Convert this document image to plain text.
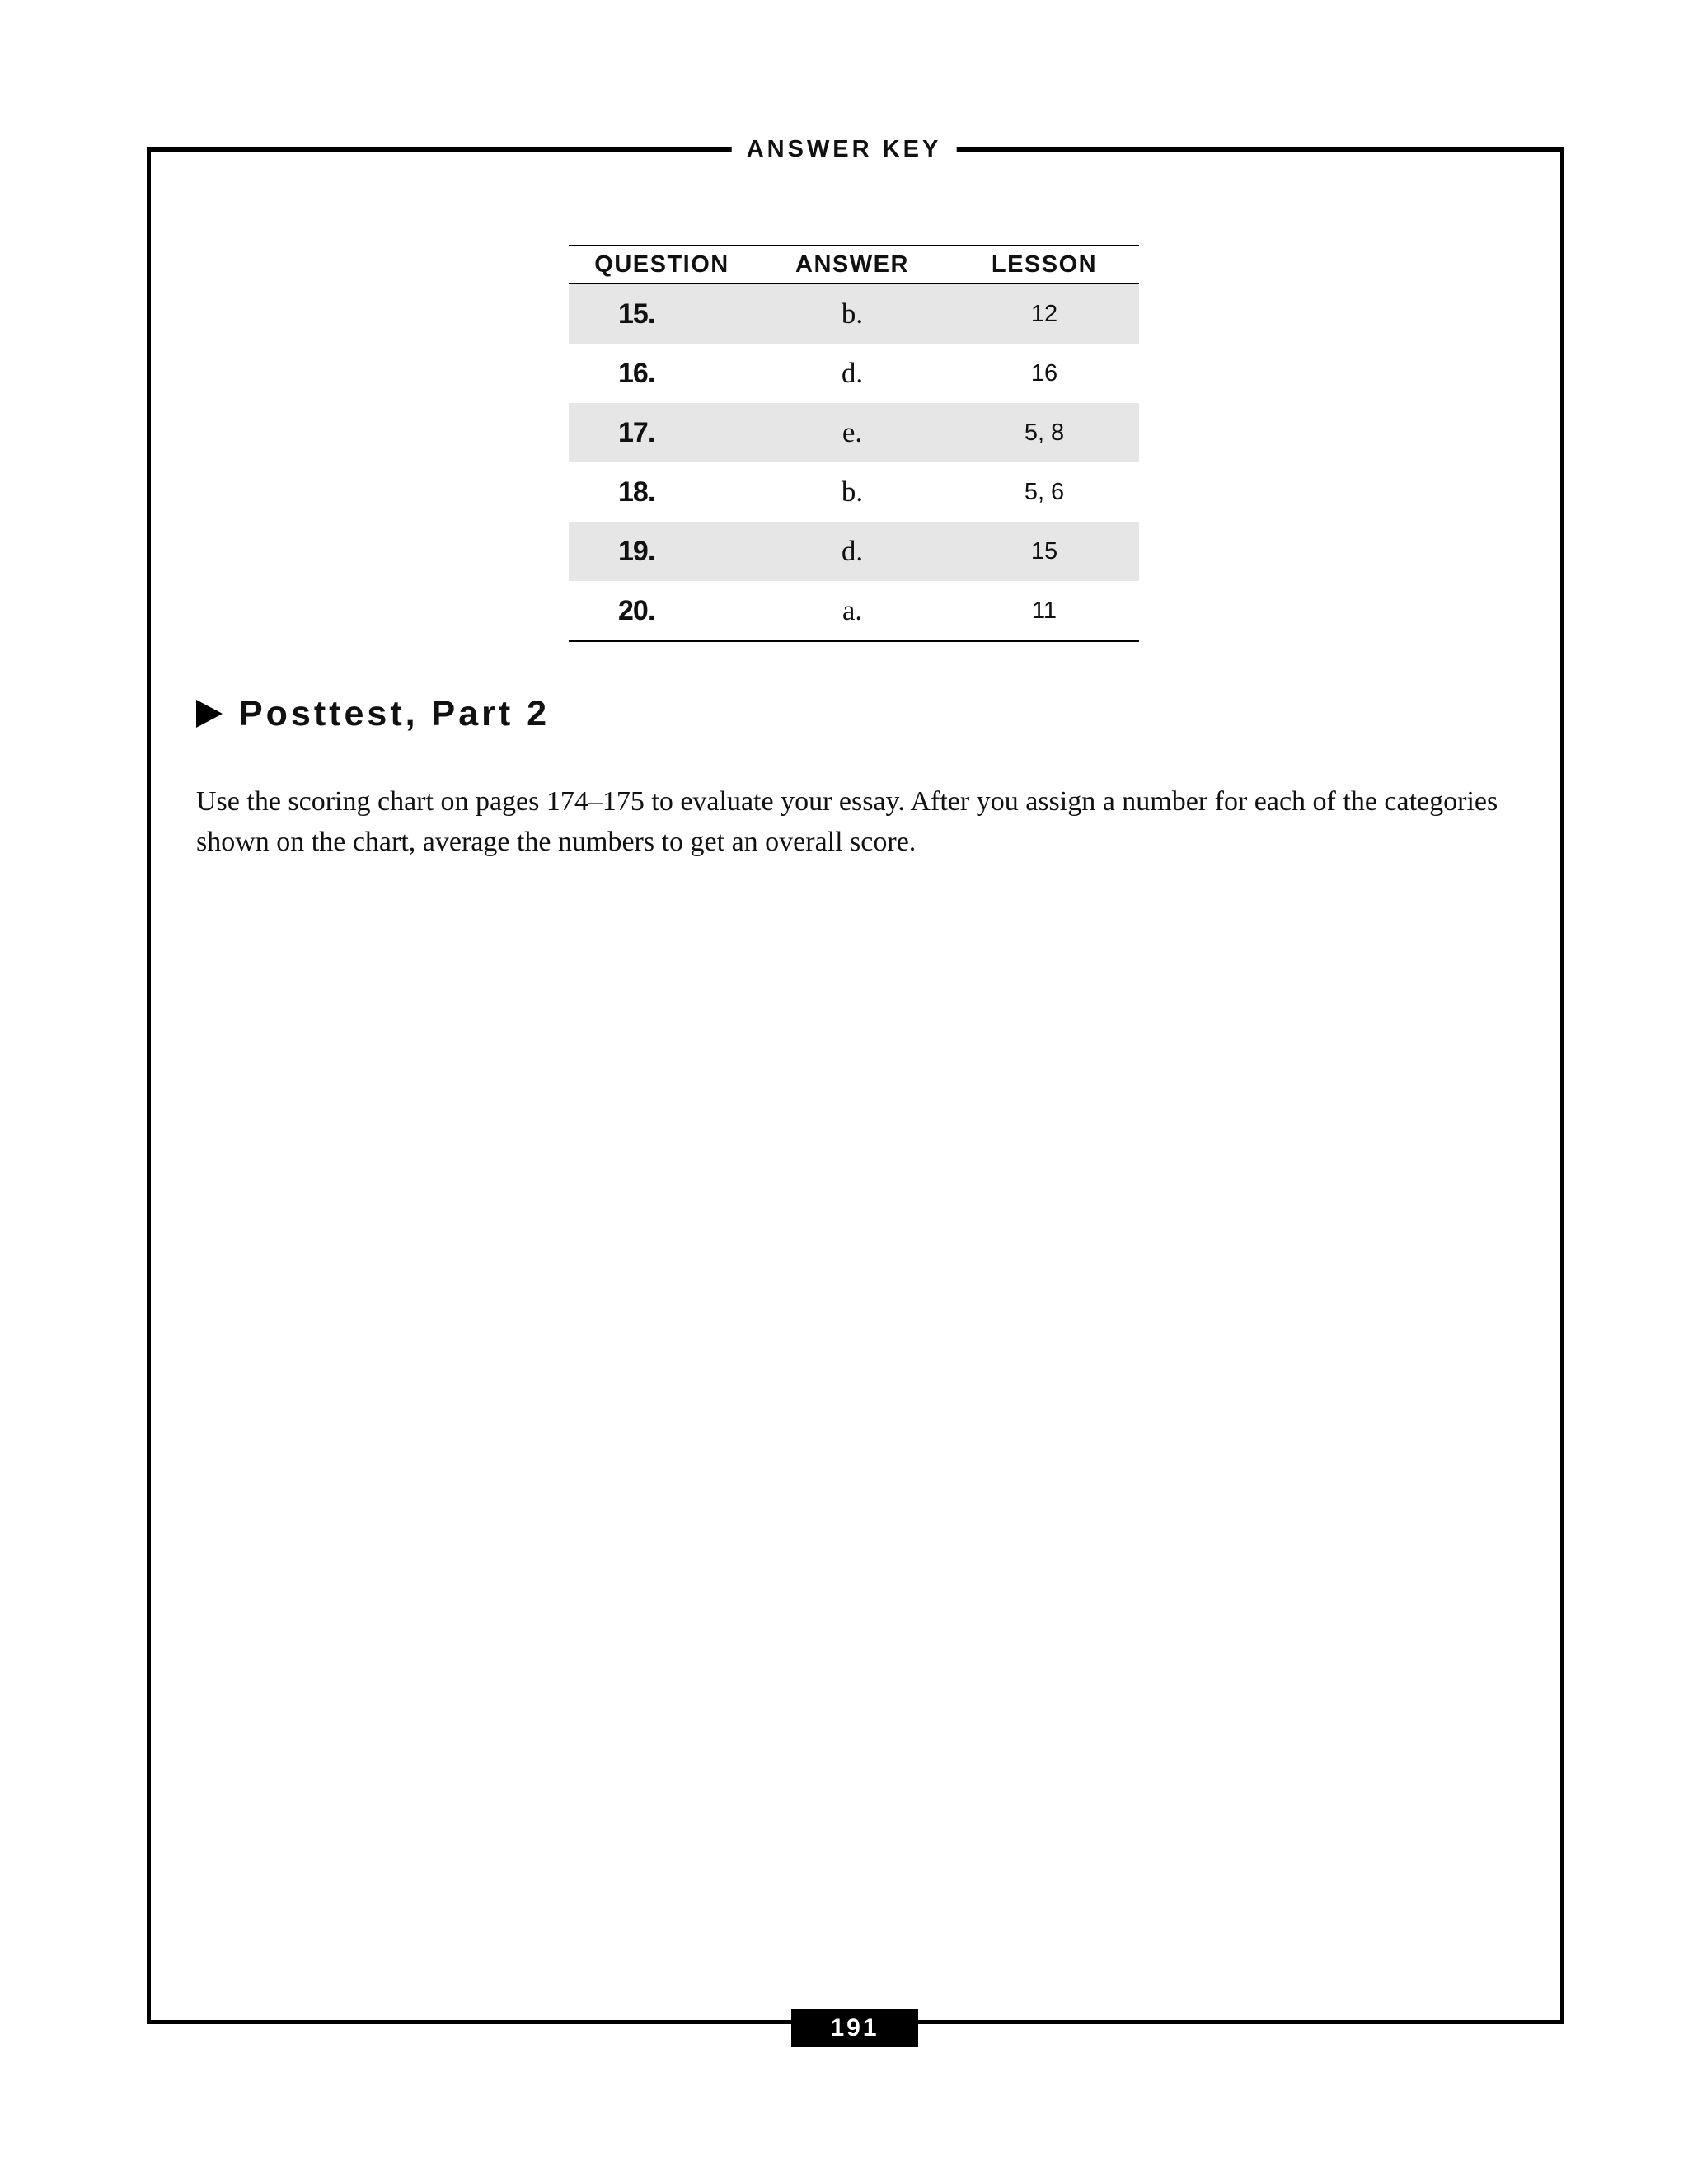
ANSWER KEY
QUESTION	ANSWER	LESSON
15.	b.	12
16.	d.	16
17.	e.	5, 8
18.	b.	5, 6
19.	d.	15
20.	a.	11
Posttest, Part 2

Use the scoring chart on pages 174–175 to evaluate your essay. After you assign a number for each of the categories shown on the chart, average the numbers to get an overall score.

191
